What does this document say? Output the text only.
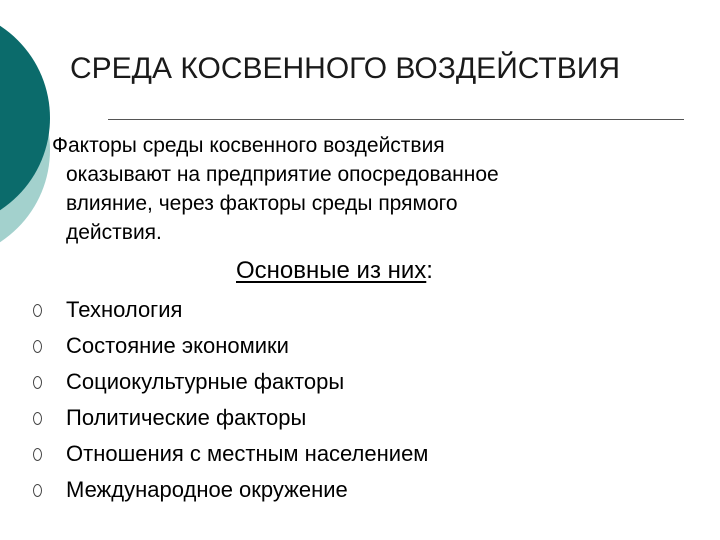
СРЕДА КОСВЕННОГО ВОЗДЕЙСТВИЯ
Факторы среды косвенного воздействия
оказывают на предприятие опосредованное
влияние, через факторы среды прямого
действия.
Основные из них:
Технология
Состояние экономики
Социокультурные факторы
Политические факторы
Отношения с местным населением
Международное окружение
